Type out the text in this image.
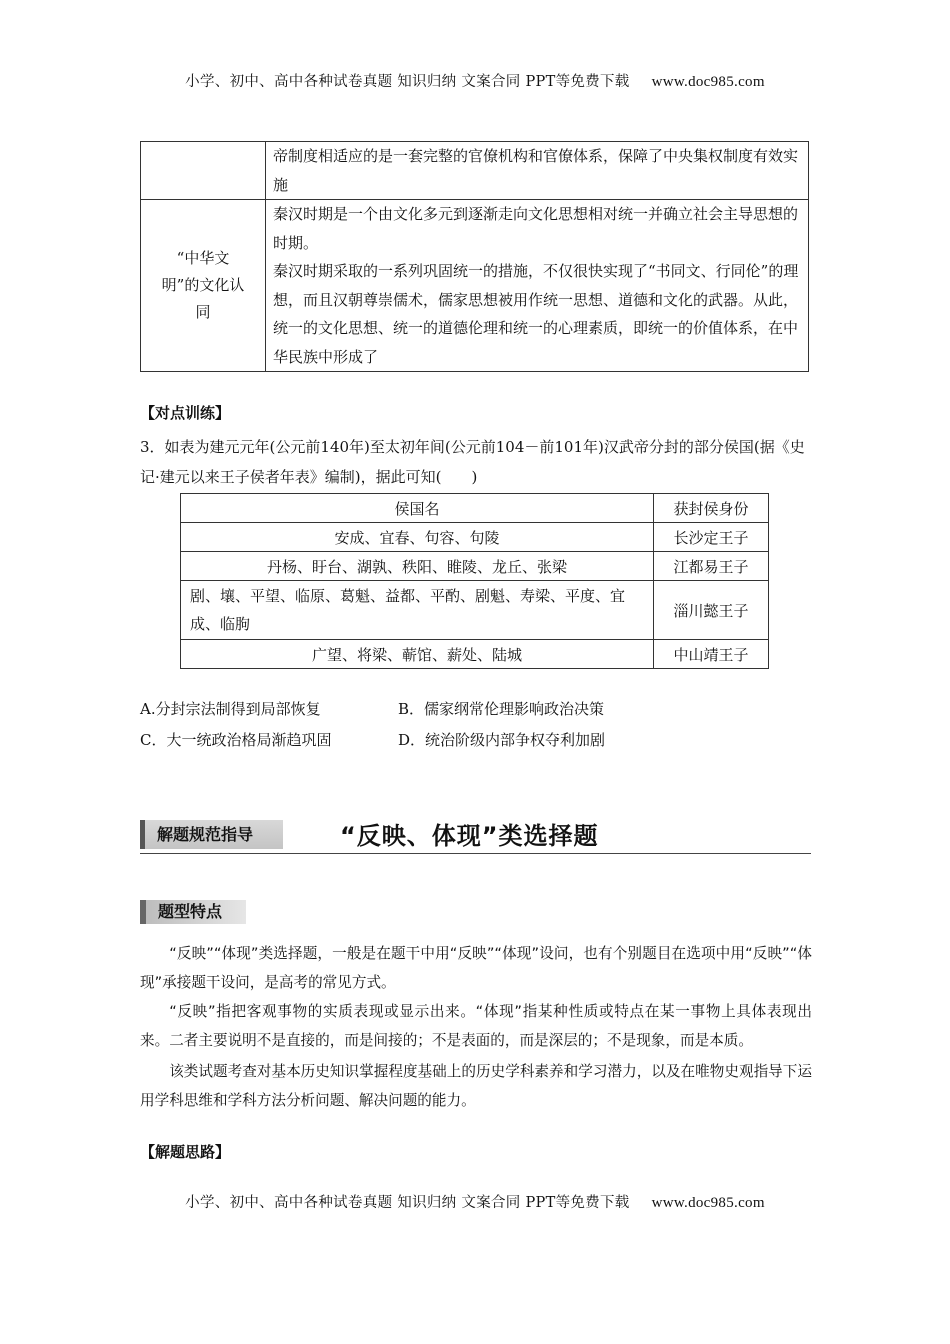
小学、初中、高中各种试卷真题 知识归纳 文案合同 PPT等免费下载 www.doc985.com
	帝制度相适应的是一套完整的官僚机构和官僚体系，保障了中央集权制度有效实施
“中华文明”的文化认同	秦汉时期是一个由文化多元到逐渐走向文化思想相对统一并确立社会主导思想的时期。
秦汉时期采取的一系列巩固统一的措施，不仅很快实现了“书同文、行同伦”的理想，而且汉朝尊崇儒术，儒家思想被用作统一思想、道德和文化的武器。从此，统一的文化思想、统一的道德伦理和统一的心理素质，即统一的价值体系，在中华民族中形成了
【对点训练】
3．如表为建元元年(公元前140年)至太初年间(公元前104－前101年)汉武帝分封的部分侯国(据《史记·建元以来王子侯者年表》编制)，据此可知(　　)
侯国名	获封侯身份
安成、宜春、句容、句陵	长沙定王子
丹杨、盱台、湖孰、秩阳、睢陵、龙丘、张梁	江都易王子
剧、壤、平望、临原、葛魁、益都、平酌、剧魁、寿梁、平度、宜成、临朐	淄川懿王子
广望、将梁、蕲馆、薪处、陆城	中山靖王子
A.分封宗法制得到局部恢复	B．儒家纲常伦理影响政治决策
C．大一统政治格局渐趋巩固	D．统治阶级内部争权夺利加剧
解题规范指导	“反映、体现”类选择题
题型特点

“反映”“体现”类选择题，一般是在题干中用“反映”“体现”设问，也有个别题目在选项中用“反映”“体现”承接题干设问，是高考的常见方式。

“反映”指把客观事物的实质表现或显示出来。“体现”指某种性质或特点在某一事物上具体表现出来。二者主要说明不是直接的，而是间接的；不是表面的，而是深层的；不是现象，而是本质。

该类试题考查对基本历史知识掌握程度基础上的历史学科素养和学习潜力，以及在唯物史观指导下运用学科思维和学科方法分析问题、解决问题的能力。

【解题思路】
小学、初中、高中各种试卷真题 知识归纳 文案合同 PPT等免费下载 www.doc985.com
